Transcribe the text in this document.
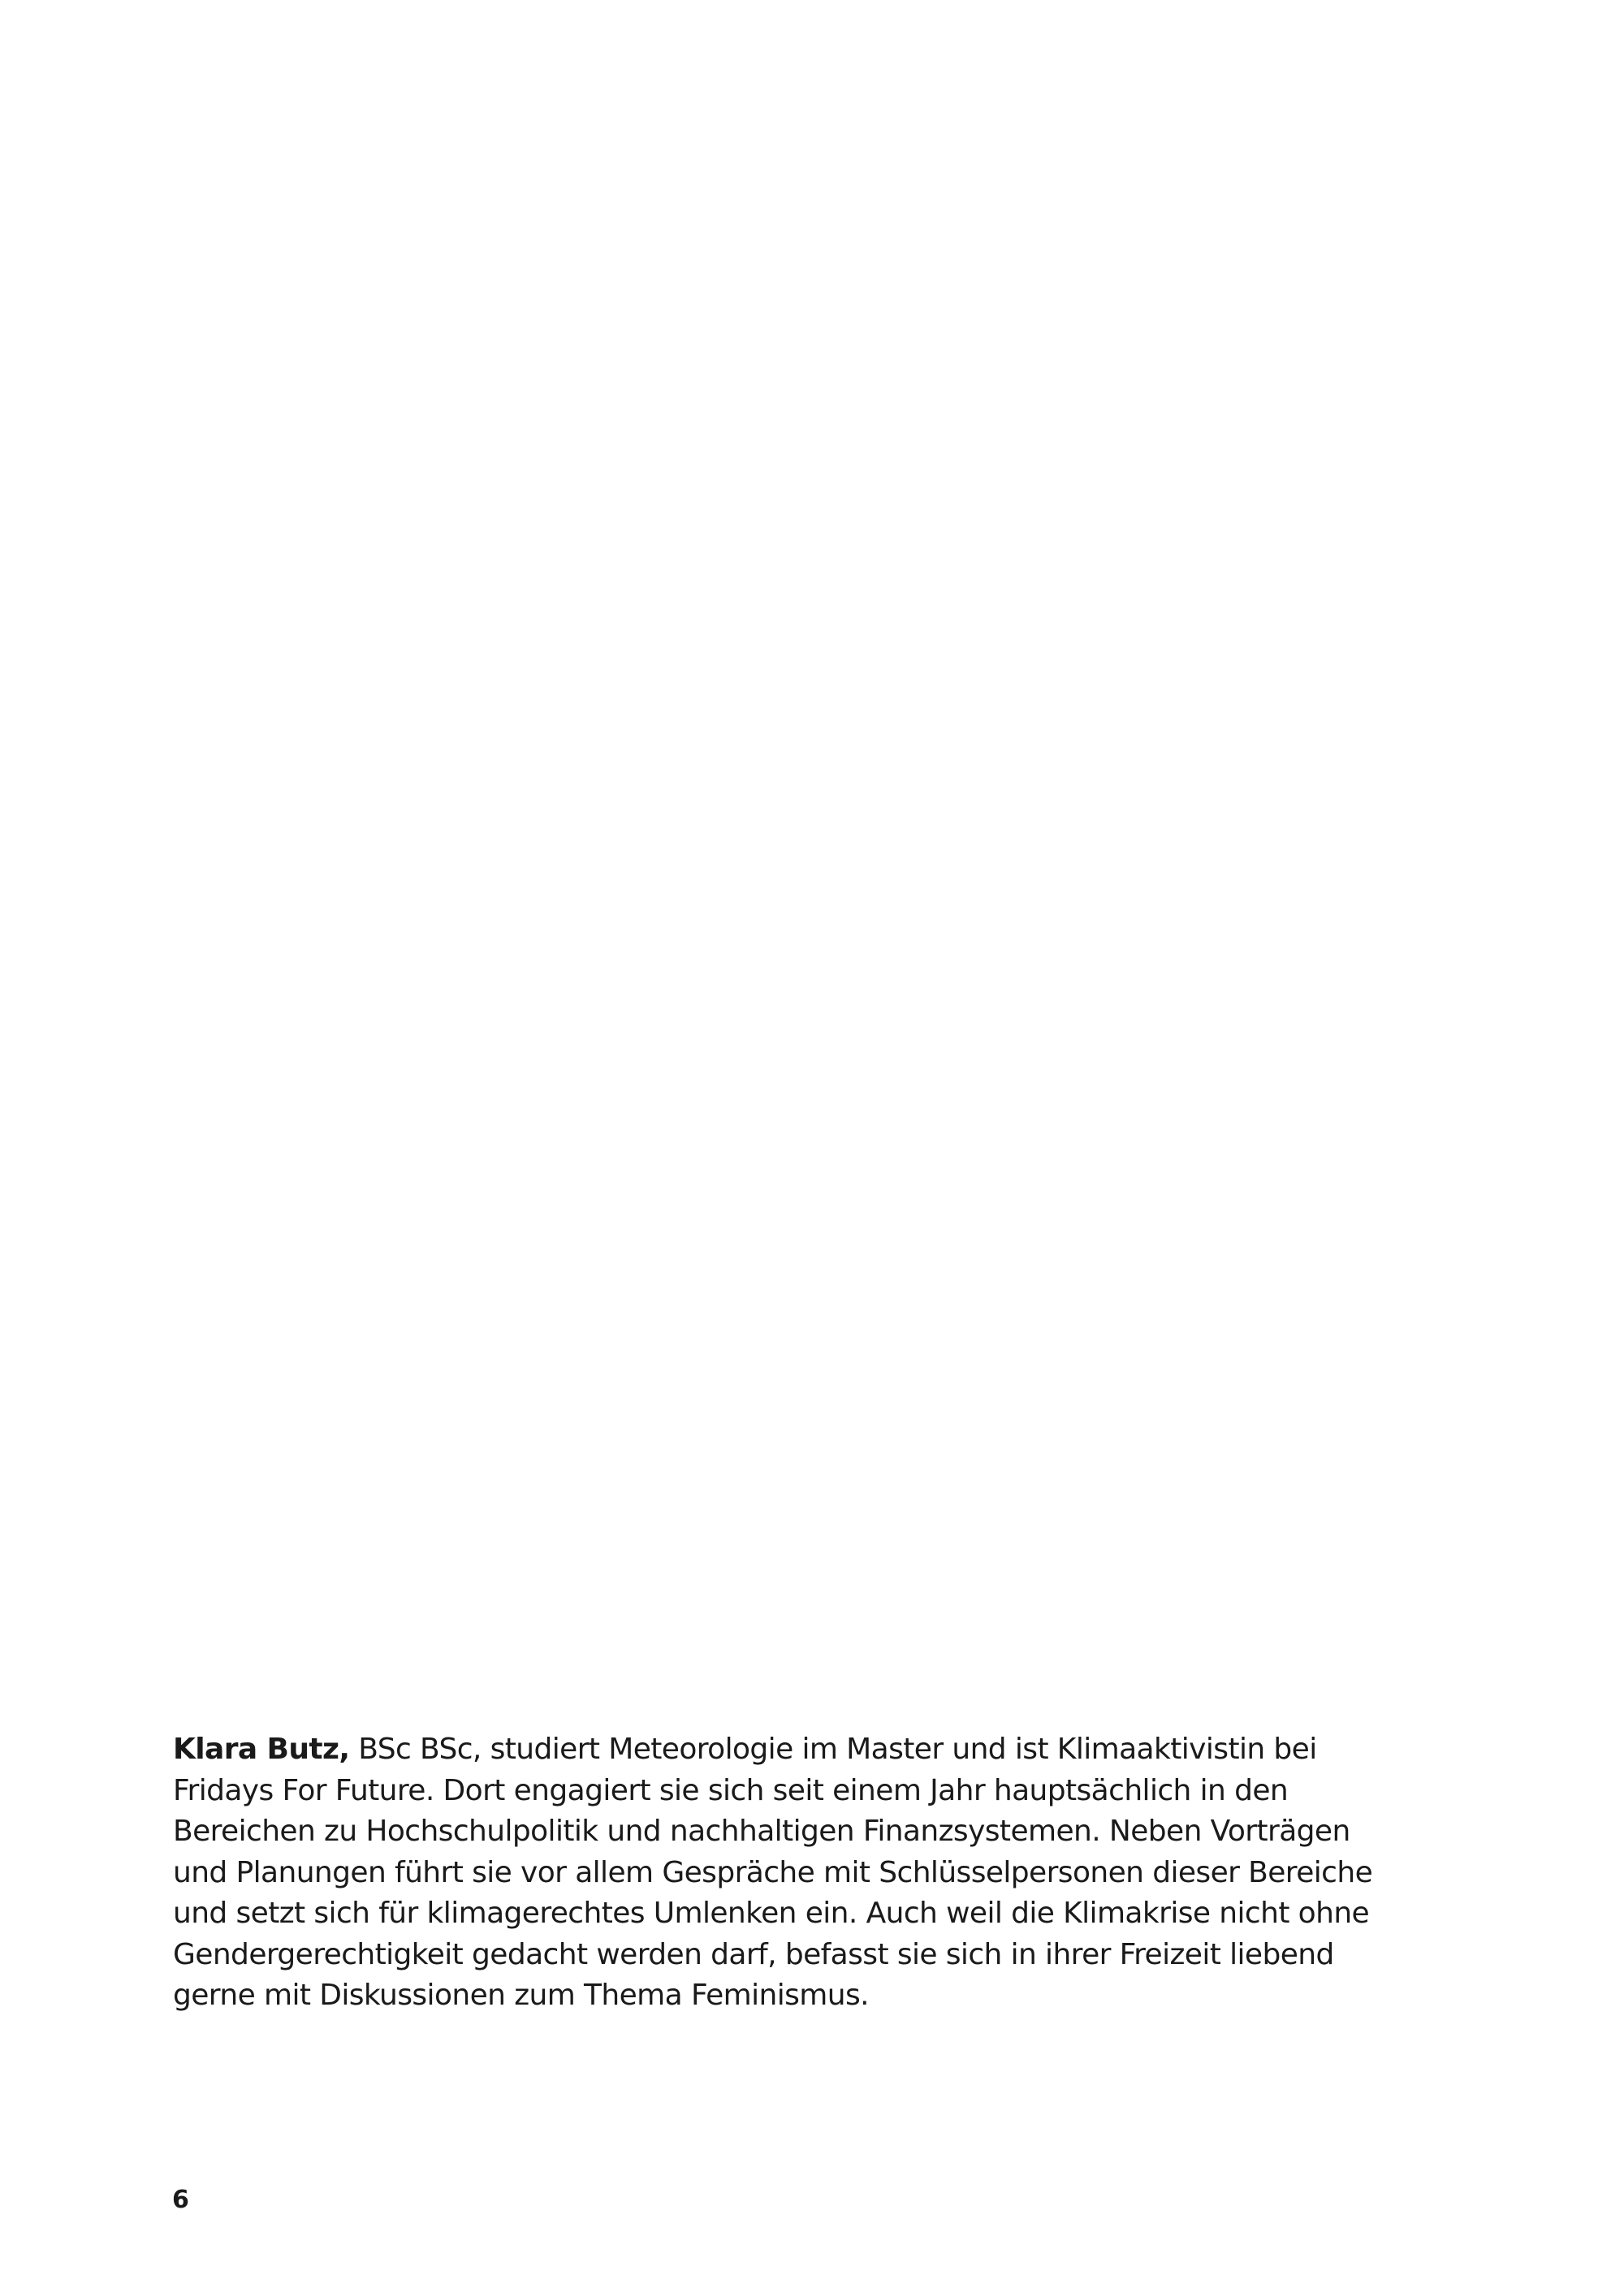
Klara Butz, BSc BSc, studiert Meteorologie im Master und ist Klimaaktivistin bei
Fridays For Future. Dort engagiert sie sich seit einem Jahr hauptsächlich in den
Bereichen zu Hochschulpolitik und nachhaltigen Finanzsystemen. Neben Vorträgen
und Planungen führt sie vor allem Gespräche mit Schlüsselpersonen dieser Bereiche
und setzt sich für klimagerechtes Umlenken ein. Auch weil die Klimakrise nicht ohne
Gendergerechtigkeit gedacht werden darf, befasst sie sich in ihrer Freizeit liebend
gerne mit Diskussionen zum Thema Feminismus.

6
